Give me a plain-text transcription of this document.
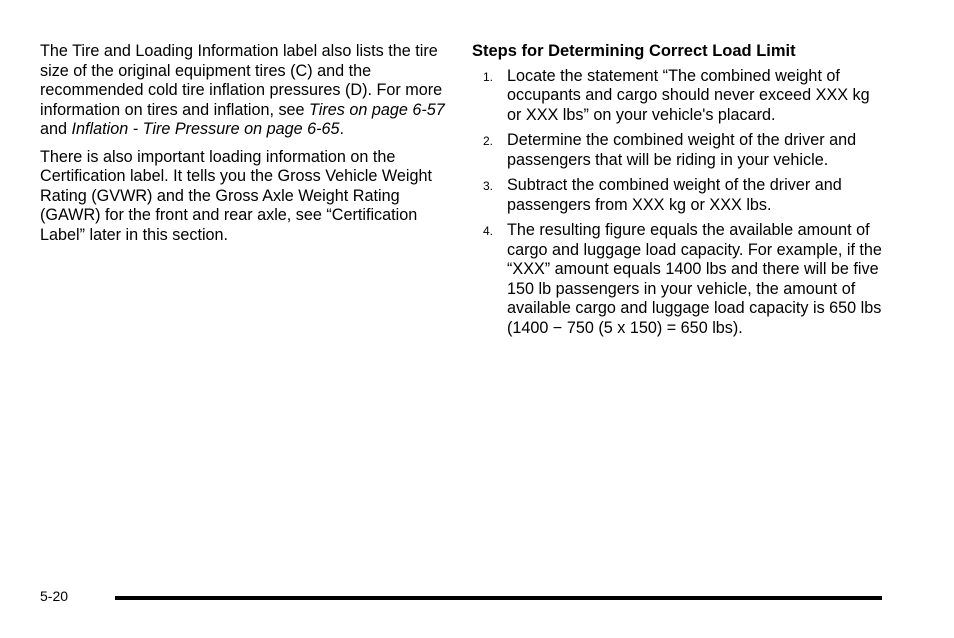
The Tire and Loading Information label also lists the tire size of the original equipment tires (C) and the recommended cold tire inflation pressures (D). For more information on tires and inflation, see Tires on page 6-57 and Inflation - Tire Pressure on page 6-65.

There is also important loading information on the Certification label. It tells you the Gross Vehicle Weight Rating (GVWR) and the Gross Axle Weight Rating (GAWR) for the front and rear axle, see “Certification Label” later in this section.

Steps for Determining Correct Load Limit
1. Locate the statement “The combined weight of occupants and cargo should never exceed XXX kg or XXX lbs” on your vehicle's placard.
2. Determine the combined weight of the driver and passengers that will be riding in your vehicle.
3. Subtract the combined weight of the driver and passengers from XXX kg or XXX lbs.
4. The resulting figure equals the available amount of cargo and luggage load capacity. For example, if the “XXX” amount equals 1400 lbs and there will be five 150 lb passengers in your vehicle, the amount of available cargo and luggage load capacity is 650 lbs (1400 − 750 (5 x 150) = 650 lbs).
5-20
